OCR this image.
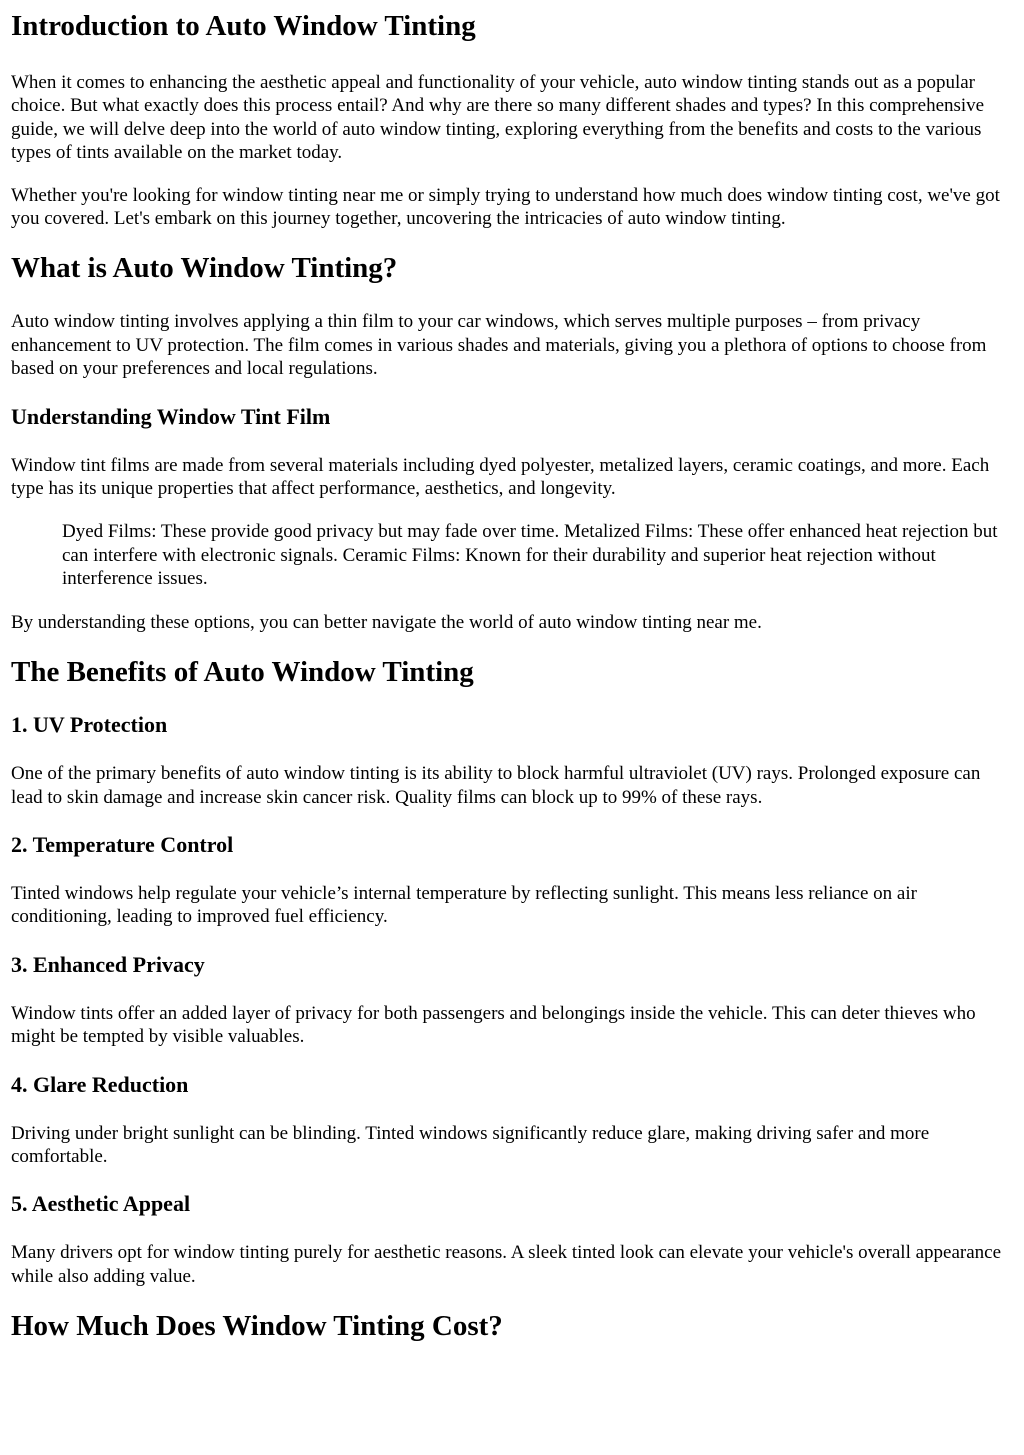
Introduction to Auto Window Tinting

When it comes to enhancing the aesthetic appeal and functionality of your vehicle, auto window tinting stands out as a popular choice. But what exactly does this process entail? And why are there so many different shades and types? In this comprehensive guide, we will delve deep into the world of auto window tinting, exploring everything from the benefits and costs to the various types of tints available on the market today.

Whether you're looking for window tinting near me or simply trying to understand how much does window tinting cost, we've got you covered. Let's embark on this journey together, uncovering the intricacies of auto window tinting.

What is Auto Window Tinting?

Auto window tinting involves applying a thin film to your car windows, which serves multiple purposes – from privacy enhancement to UV protection. The film comes in various shades and materials, giving you a plethora of options to choose from based on your preferences and local regulations.

Understanding Window Tint Film

Window tint films are made from several materials including dyed polyester, metalized layers, ceramic coatings, and more. Each type has its unique properties that affect performance, aesthetics, and longevity.

Dyed Films: These provide good privacy but may fade over time. Metalized Films: These offer enhanced heat rejection but can interfere with electronic signals. Ceramic Films: Known for their durability and superior heat rejection without interference issues.

By understanding these options, you can better navigate the world of auto window tinting near me.

The Benefits of Auto Window Tinting
1. UV Protection

One of the primary benefits of auto window tinting is its ability to block harmful ultraviolet (UV) rays. Prolonged exposure can lead to skin damage and increase skin cancer risk. Quality films can block up to 99% of these rays.

2. Temperature Control

Tinted windows help regulate your vehicle’s internal temperature by reflecting sunlight. This means less reliance on air conditioning, leading to improved fuel efficiency.

3. Enhanced Privacy

Window tints offer an added layer of privacy for both passengers and belongings inside the vehicle. This can deter thieves who might be tempted by visible valuables.

4. Glare Reduction

Driving under bright sunlight can be blinding. Tinted windows significantly reduce glare, making driving safer and more comfortable.

5. Aesthetic Appeal

Many drivers opt for window tinting purely for aesthetic reasons. A sleek tinted look can elevate your vehicle's overall appearance while also adding value.

How Much Does Window Tinting Cost?
